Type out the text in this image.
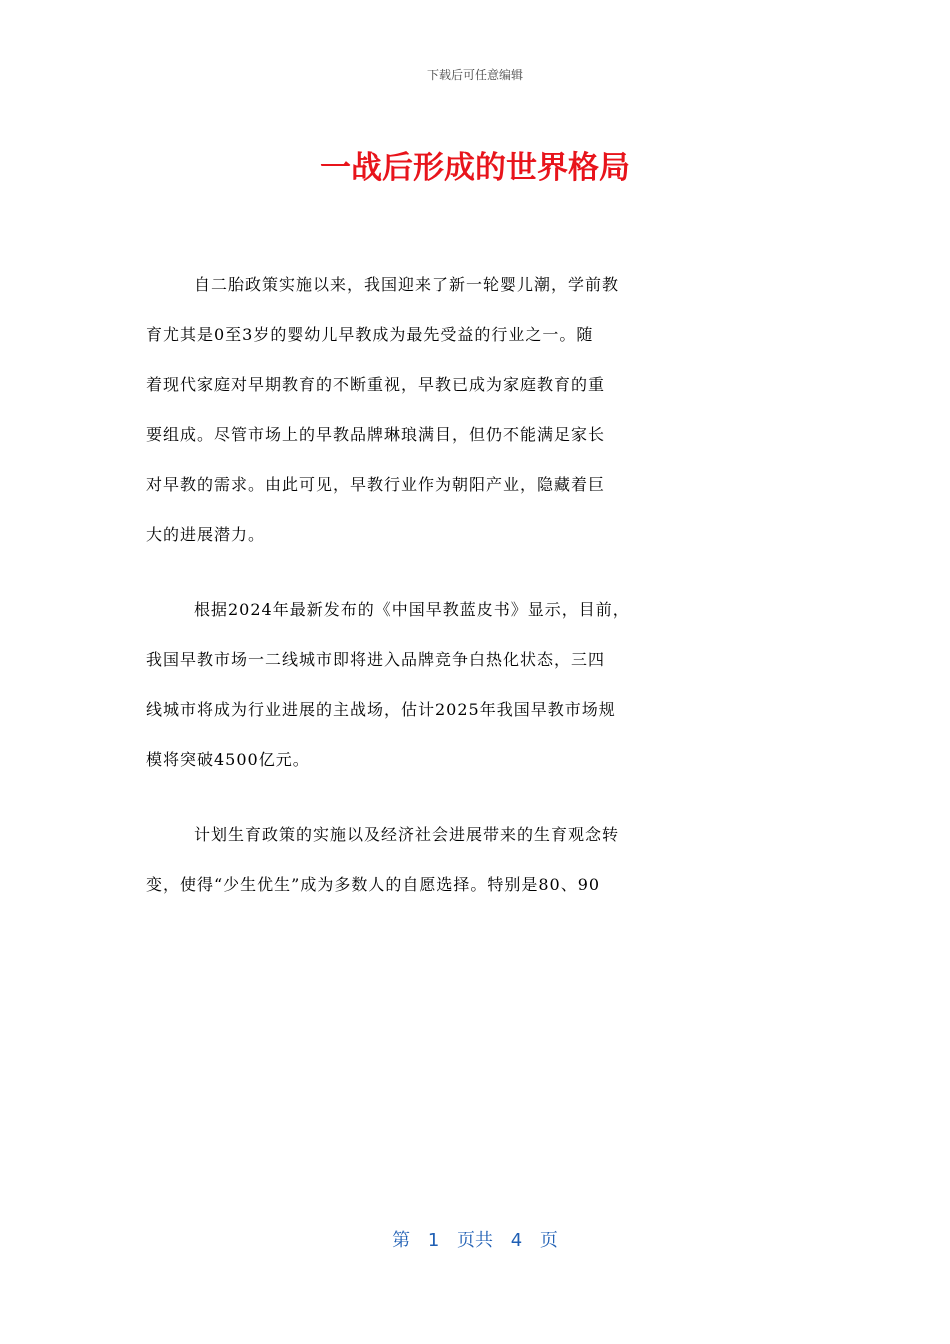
下载后可任意编辑
一战后形成的世界格局
自二胎政策实施以来，我国迎来了新一轮婴儿潮，学前教
育尤其是0至3岁的婴幼儿早教成为最先受益的行业之一。随
着现代家庭对早期教育的不断重视，早教已成为家庭教育的重
要组成。尽管市场上的早教品牌琳琅满目，但仍不能满足家长
对早教的需求。由此可见，早教行业作为朝阳产业，隐藏着巨
大的进展潜力。
根据2024年最新发布的《中国早教蓝皮书》显示，目前，
我国早教市场一二线城市即将进入品牌竞争白热化状态，三四
线城市将成为行业进展的主战场，估计2025年我国早教市场规
模将突破4500亿元。
计划生育政策的实施以及经济社会进展带来的生育观念转
变，使得“少生优生”成为多数人的自愿选择。特别是80、90
第 1 页共 4 页
